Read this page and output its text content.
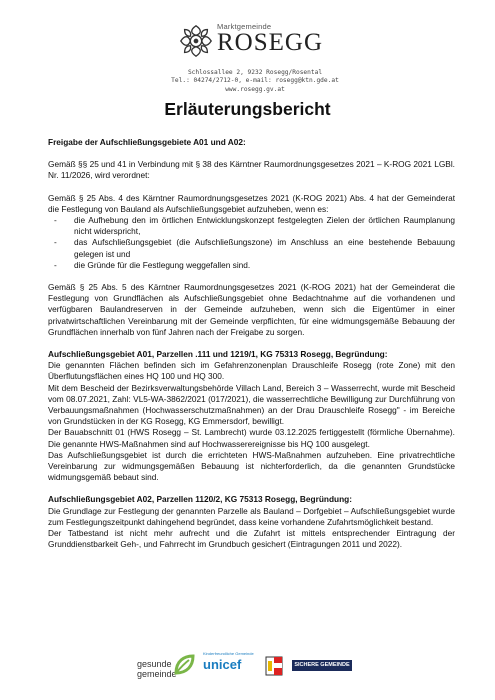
Marktgemeinde
ROSEGG
Schlossallee 2, 9232 Rosegg/Rosental
Tel.: 04274/2712-0, e-mail: rosegg@ktn.gde.at
www.rosegg.gv.at
Erläuterungsbericht

Freigabe der Aufschließungsgebiete A01 und A02:

Gemäß §§ 25 und 41 in Verbindung mit § 38 des Kärntner Raumordnungsgesetzes 2021 – K-ROG 2021 LGBl. Nr. 11/2026, wird verordnet:

Gemäß § 25 Abs. 4 des Kärntner Raumordnungsgesetzes 2021 (K-ROG 2021) Abs. 4 hat der Gemeinderat die Festlegung von Bauland als Aufschließungsgebiet aufzuheben, wenn es:

- die Aufhebung den im örtlichen Entwicklungskonzept festgelegten Zielen der örtlichen Raumplanung nicht widerspricht,
- das Aufschließungsgebiet (die Aufschließungszone) im Anschluss an eine bestehende Bebauung gelegen ist und
- die Gründe für die Festlegung weggefallen sind.

Gemäß § 25 Abs. 5 des Kärntner Raumordnungsgesetzes 2021 (K-ROG 2021) hat der Gemeinderat die Festlegung von Grundflächen als Aufschließungsgebiet ohne Bedachtnahme auf die vorhandenen und verfügbaren Baulandreserven in der Gemeinde aufzuheben, wenn sich die Eigentümer in einer privatwirtschaftlichen Vereinbarung mit der Gemeinde verpflichten, für eine widmungsgemäße Bebauung der Grundflächen innerhalb von fünf Jahren nach der Freigabe zu sorgen.

Aufschließungsgebiet A01, Parzellen .111 und 1219/1, KG 75313 Rosegg, Begründung:

Die genannten Flächen befinden sich im Gefahrenzonenplan Drauschleife Rosegg (rote Zone) mit den Überflutungsflächen eines HQ 100 und HQ 300.

Mit dem Bescheid der Bezirksverwaltungsbehörde Villach Land, Bereich 3 – Wasserrecht, wurde mit Bescheid vom 08.07.2021, Zahl: VL5-WA-3862/2021 (017/2021), die wasserrechtliche Bewilligung zur Durchführung von Verbauungsmaßnahmen (Hochwasserschutzmaßnahmen) an der Drau Drauschleife Rosegg" - im Bereiche von Grundstücken in der KG Rosegg, KG Emmersdorf, bewilligt.

Der Bauabschnitt 01 (HWS Rosegg – St. Lambrecht) wurde 03.12.2025 fertiggestellt (förmliche Übernahme). Die genannte HWS-Maßnahmen sind auf Hochwasserereignisse bis HQ 100 ausgelegt.

Das Aufschließungsgebiet ist durch die errichteten HWS-Maßnahmen aufzuheben. Eine privatrechtliche Vereinbarung zur widmungsgemäßen Bebauung ist nichterforderlich, da die genannten Grundstücke widmungsgemäß bebaut sind.

Aufschließungsgebiet A02, Parzellen 1120/2, KG 75313 Rosegg, Begründung:

Die Grundlage zur Festlegung der genannten Parzelle als Bauland – Dorfgebiet – Aufschließungsgebiet wurde zum Festlegungszeitpunkt dahingehend begründet, dass keine vorhandene Zufahrtsmöglichkeit bestand.

Der Tatbestand ist nicht mehr aufrecht und die Zufahrt ist mittels entsprechender Eintragung der Grunddienstbarkeit Geh-, und Fahrrecht im Grundbuch gesichert (Eintragungen 2011 und 2022).

gesunde
gemeinde
Kinderfreundliche Gemeinde
unicef	SICHERE GEMEINDE
